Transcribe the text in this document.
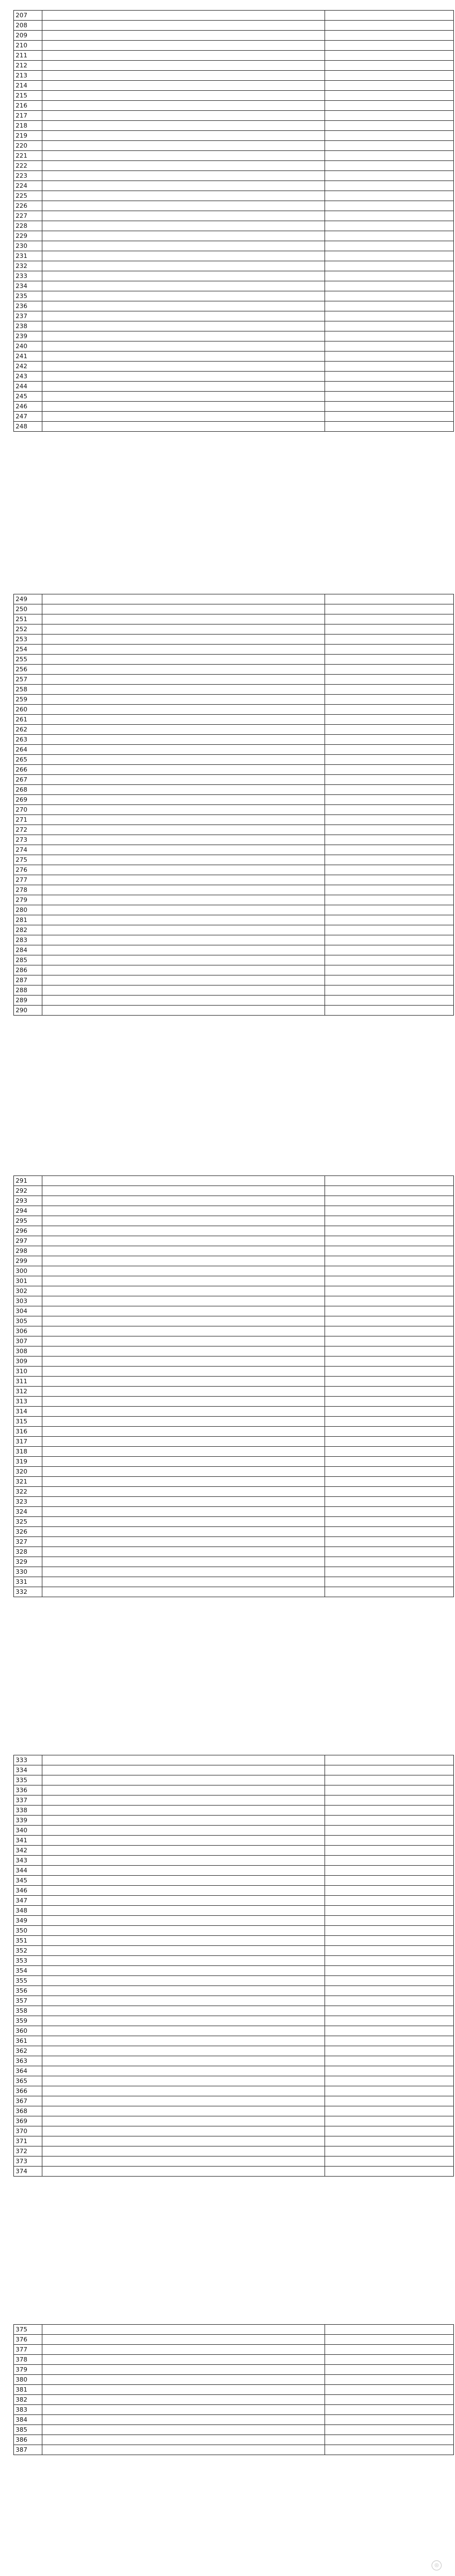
207		
208		
209		
210		
211		
212		
213		
214		
215		
216		
217		
218		
219		
220		
221		
222		
223		
224		
225		
226		
227		
228		
229		
230		
231		
232		
233		
234		
235		
236		
237		
238		
239		
240		
241		
242		
243		
244		
245		
246		
247		
248		
249		
250		
251		
252		
253		
254		
255		
256		
257		
258		
259		
260		
261		
262		
263		
264		
265		
266		
267		
268		
269		
270		
271		
272		
273		
274		
275		
276		
277		
278		
279		
280		
281		
282		
283		
284		
285		
286		
287		
288		
289		
290		
291		
292		
293		
294		
295		
296		
297		
298		
299		
300		
301		
302		
303		
304		
305		
306		
307		
308		
309		
310		
311		
312		
313		
314		
315		
316		
317		
318		
319		
320		
321		
322		
323		
324		
325		
326		
327		
328		
329		
330		
331		
332		
333		
334		
335		
336		
337		
338		
339		
340		
341		
342		
343		
344		
345		
346		
347		
348		
349		
350		
351		
352		
353		
354		
355		
356		
357		
358		
359		
360		
361		
362		
363		
364		
365		
366		
367		
368		
369		
370		
371		
372		
373		
374		
375		
376		
377		
378		
379		
380		
381		
382		
383		
384		
385		
386		
387		
◎
